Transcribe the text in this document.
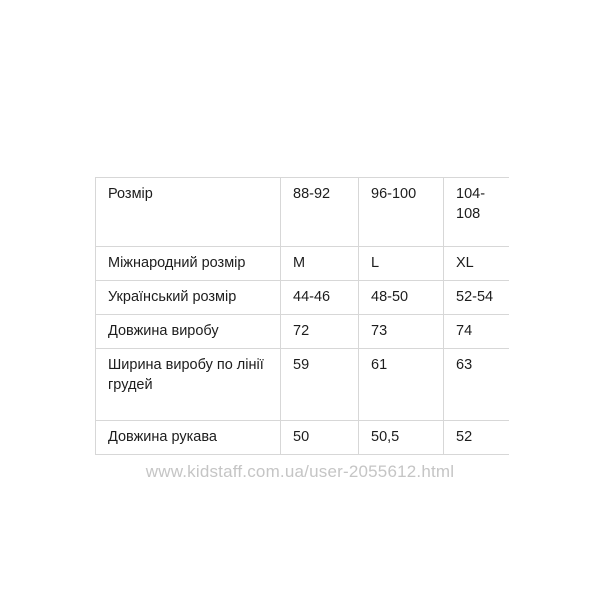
Розмір	88-92	96-100	104-108
Міжнародний розмір	M	L	XL
Український розмір	44-46	48-50	52-54
Довжина виробу	72	73	74
Ширина виробу по лінії грудей	59	61	63
Довжина рукава	50	50,5	52
www.kidstaff.com.ua/user-2055612.html
